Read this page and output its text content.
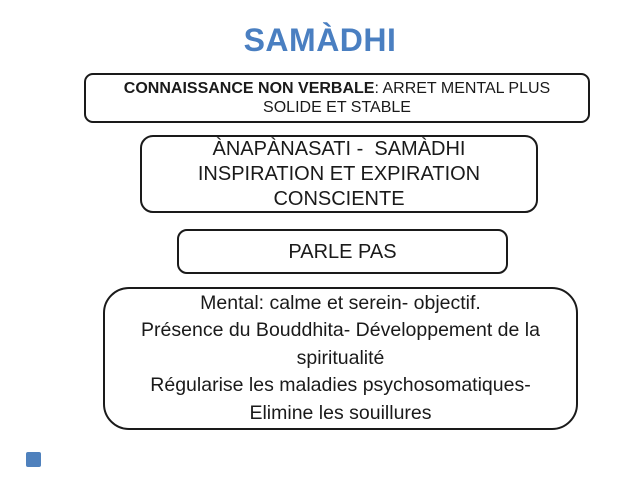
SAMÀDHI
CONNAISSANCE NON VERBALE: ARRET MENTAL PLUS
SOLIDE ET STABLE
ÀNAPÀNASATI -  SAMÀDHI
INSPIRATION ET EXPIRATION
CONSCIENTE
PARLE PAS
Mental: calme et serein- objectif.
Présence du Bouddhita- Développement de la
spiritualité
Régularise les maladies psychosomatiques-
Elimine les souillures
